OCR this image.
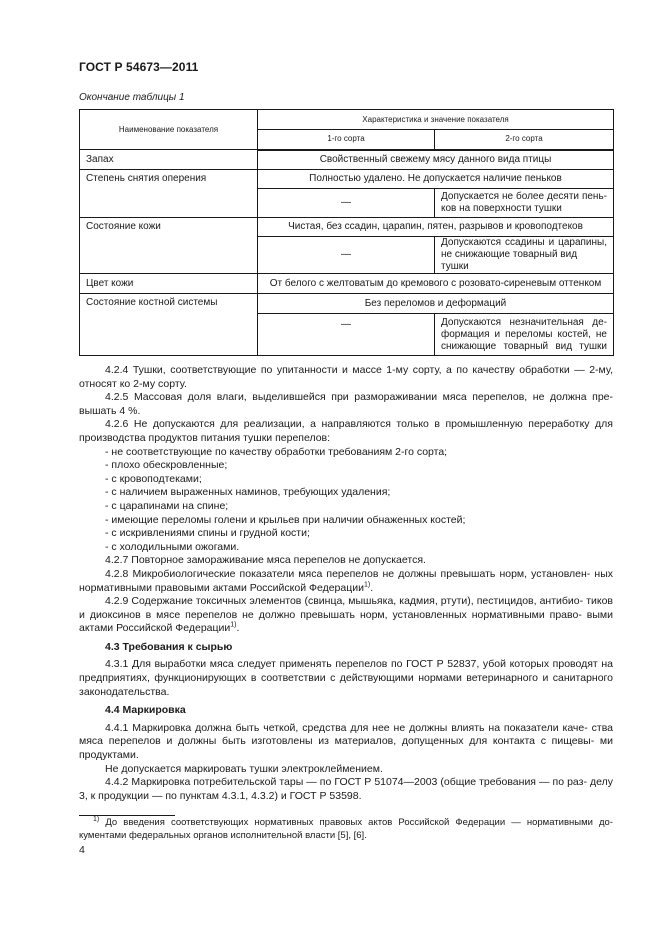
ГОСТ Р 54673—2011
Окончание таблицы 1
Наименование показателя	Характеристика и значение показателя	
	1-го сорта	2-го сорта
Запах	Свойственный свежему мясу данного вида птицы	
Степень снятия оперения	Полностью удалено. Не допускается наличие пеньков	
	—	Допускается не более десяти пень-
ков на поверхности тушки

Состояние кожи	Чистая, без ссадин, царапин, пятен, разрывов и кровоподтеков	
	—	Допускаются ссадины и царапины,
не снижающие товарный вид тушки

Цвет кожи	От белого с желтоватым до кремового с розовато-сиреневым оттенком	
Состояние костной системы	Без переломов и деформаций	
	—	Допускаются незначительная де-
формация и переломы костей, не
снижающие товарный вид тушки

4.2.4 Тушки, соответствующие по упитанности и массе 1-му сорту, а по качеству обработки — 2-му, относят ко 2-му сорту.

4.2.5 Массовая доля влаги, выделившейся при размораживании мяса перепелов, не должна пре- вышать 4 %.

4.2.6 Не допускаются для реализации, а направляются только в промышленную переработку для производства продуктов питания тушки перепелов:

- не соответствующие по качеству обработки требованиям 2-го сорта;

- плохо обескровленные;

- с кровоподтеками;

- с наличием выраженных наминов, требующих удаления;

- с царапинами на спине;

- имеющие переломы голени и крыльев при наличии обнаженных костей;

- с искривлениями спины и грудной кости;

- с холодильными ожогами.

4.2.7 Повторное замораживание мяса перепелов не допускается.

4.2.8 Микробиологические показатели мяса перепелов не должны превышать норм, установлен- ных нормативными правовыми актами Российской Федерации$^{1)}$.

4.2.9 Содержание токсичных элементов (свинца, мышьяка, кадмия, ртути), пестицидов, антибио- тиков и диоксинов в мясе перепелов не должно превышать норм, установленных нормативными право- выми актами Российской Федерации$^{1)}$.

4.3 Требования к сырью

4.3.1 Для выработки мяса следует применять перепелов по ГОСТ Р 52837, убой которых проводят на предприятиях, функционирующих в соответствии с действующими нормами ветеринарного и санитарного законодательства.

4.4 Маркировка

4.4.1 Маркировка должна быть четкой, средства для нее не должны влиять на показатели каче- ства мяса перепелов и должны быть изготовлены из материалов, допущенных для контакта с пищевы- ми продуктами.

Не допускается маркировать тушки электроклеймением.

4.4.2 Маркировка потребительской тары — по ГОСТ Р 51074—2003 (общие требования — по раз- делу 3, к продукции — по пунктам 4.3.1, 4.3.2) и ГОСТ Р 53598.

$^{1)}$ До введения соответствующих нормативных правовых актов Российской Федерации — нормативными до- кументами федеральных органов исполнительной власти [5], [6].
4
